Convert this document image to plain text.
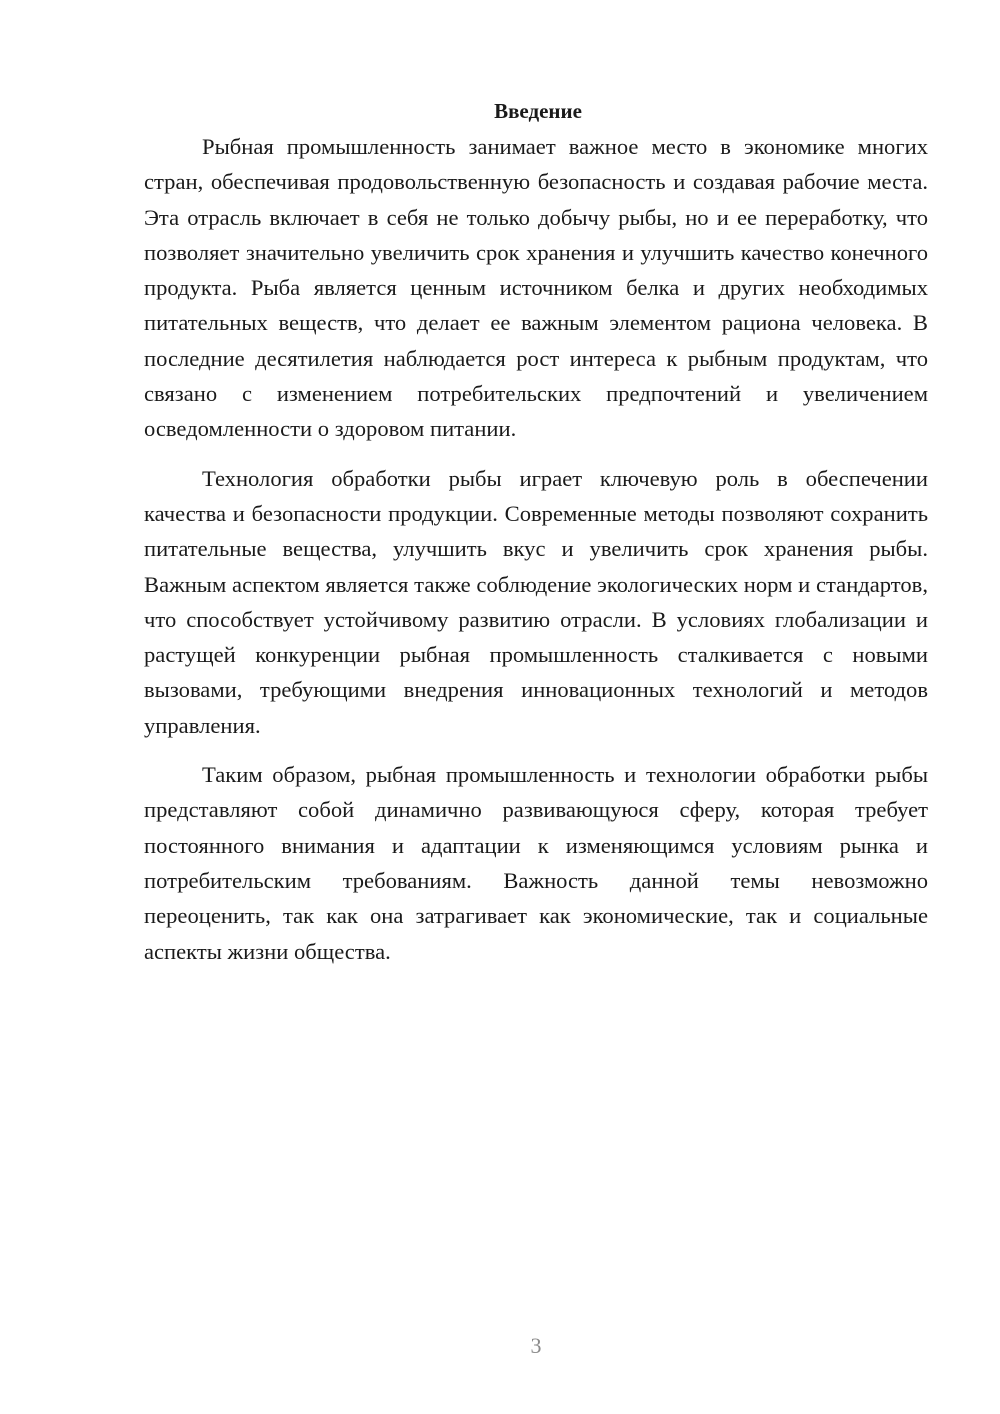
Введение

Рыбная промышленность занимает важное место в экономике многих стран, обеспечивая продовольственную безопасность и создавая рабочие места. Эта отрасль включает в себя не только добычу рыбы, но и ее переработку, что позволяет значительно увеличить срок хранения и улучшить качество конечного продукта. Рыба является ценным источником белка и других необходимых питательных веществ, что делает ее важным элементом рациона человека. В последние десятилетия наблюдается рост интереса к рыбным продуктам, что связано с изменением потребительских предпочтений и увеличением осведомленности о здоровом питании.

Технология обработки рыбы играет ключевую роль в обеспечении качества и безопасности продукции. Современные методы позволяют сохранить питательные вещества, улучшить вкус и увеличить срок хранения рыбы. Важным аспектом является также соблюдение экологических норм и стандартов, что способствует устойчивому развитию отрасли. В условиях глобализации и растущей конкуренции рыбная промышленность сталкивается с новыми вызовами, требующими внедрения инновационных технологий и методов управления.

Таким образом, рыбная промышленность и технологии обработки рыбы представляют собой динамично развивающуюся сферу, которая требует постоянного внимания и адаптации к изменяющимся условиям рынка и потребительским требованиям. Важность данной темы невозможно переоценить, так как она затрагивает как экономические, так и социальные аспекты жизни общества.

3
